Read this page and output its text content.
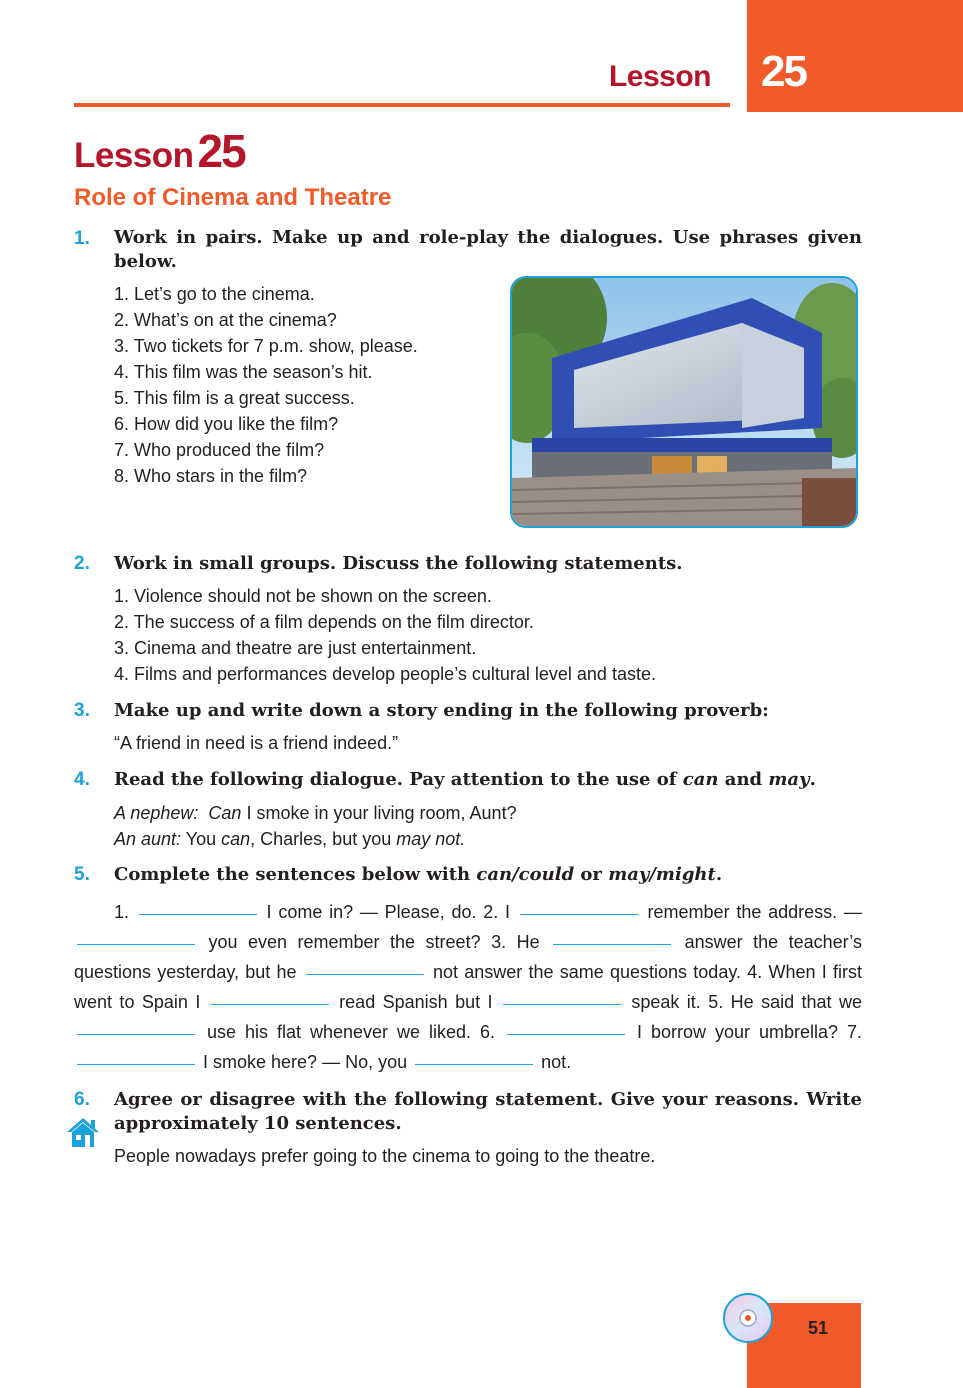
Lesson 25
Lesson25
Role of Cinema and Theatre
1. Work in pairs. Make up and role-play the dialogues. Use phrases given below.
1. Let’s go to the cinema.
2. What’s on at the cinema?
3. Two tickets for 7 p.m. show, please.
4. This film was the season’s hit.
5. This film is a great success.
6. How did you like the film?
7. Who produced the film?
8. Who stars in the film?
2. Work in small groups. Discuss the following statements.
1. Violence should not be shown on the screen.
2. The success of a film depends on the film director.
3. Cinema and theatre are just entertainment.
4. Films and performances develop people’s cultural level and taste.
3. Make up and write down a story ending in the following proverb:
“A friend in need is a friend indeed.”
4. Read the following dialogue. Pay attention to the use of can and may.
A nephew: Can I smoke in your living room, Aunt?
An aunt: You can, Charles, but you may not.
5. Complete the sentences below with can/could or may/might.
1.	I come in? — Please, do. 2. I	remember the address. —  you even remember the street? 3. He	answer the teacher’s questions yesterday, but he	not answer the same questions today. 4. When I first went to Spain I	read Spanish but I	speak it. 5. He said that we  use his flat whenever we liked. 6.	I borrow your umbrella? 7.  I smoke here? — No, you	not.
6. Agree or disagree with the following statement. Give your reasons. Write approximately 10 sentences.
People nowadays prefer going to the cinema to going to the theatre.
51
